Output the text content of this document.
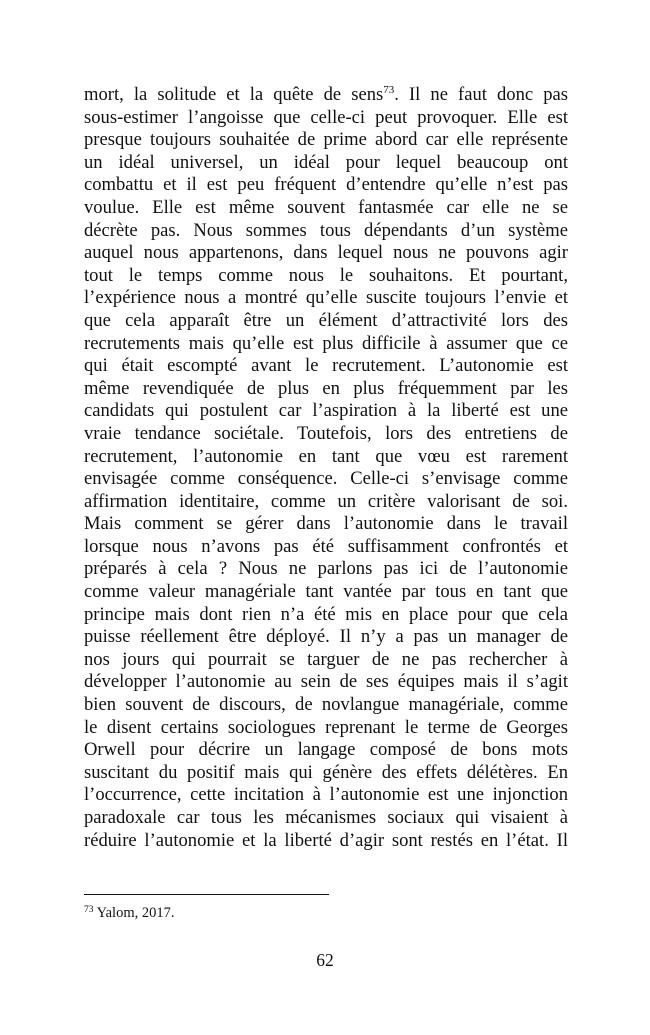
mort, la solitude et la quête de sens$^{73}$. Il ne faut donc pas
sous-estimer l’angoisse que celle-ci peut provoquer. Elle est
presque toujours souhaitée de prime abord car elle représente
un idéal universel, un idéal pour lequel beaucoup ont
combattu et il est peu fréquent d’entendre qu’elle n’est pas
voulue. Elle est même souvent fantasmée car elle ne se
décrète pas. Nous sommes tous dépendants d’un système
auquel nous appartenons, dans lequel nous ne pouvons agir
tout le temps comme nous le souhaitons. Et pourtant,
l’expérience nous a montré qu’elle suscite toujours l’envie et
que cela apparaît être un élément d’attractivité lors des
recrutements mais qu’elle est plus difficile à assumer que ce
qui était escompté avant le recrutement. L’autonomie est
même revendiquée de plus en plus fréquemment par les
candidats qui postulent car l’aspiration à la liberté est une
vraie tendance sociétale. Toutefois, lors des entretiens de
recrutement, l’autonomie en tant que vœu est rarement
envisagée comme conséquence. Celle-ci s’envisage comme
affirmation identitaire, comme un critère valorisant de soi.
Mais comment se gérer dans l’autonomie dans le travail
lorsque nous n’avons pas été suffisamment confrontés et
préparés à cela ? Nous ne parlons pas ici de l’autonomie
comme valeur managériale tant vantée par tous en tant que
principe mais dont rien n’a été mis en place pour que cela
puisse réellement être déployé. Il n’y a pas un manager de
nos jours qui pourrait se targuer de ne pas rechercher à
développer l’autonomie au sein de ses équipes mais il s’agit
bien souvent de discours, de novlangue managériale, comme
le disent certains sociologues reprenant le terme de Georges
Orwell pour décrire un langage composé de bons mots
suscitant du positif mais qui génère des effets délétères. En
l’occurrence, cette incitation à l’autonomie est une injonction
paradoxale car tous les mécanismes sociaux qui visaient à
réduire l’autonomie et la liberté d’agir sont restés en l’état. Il

$^{73}$ Yalom, 2017.

62
